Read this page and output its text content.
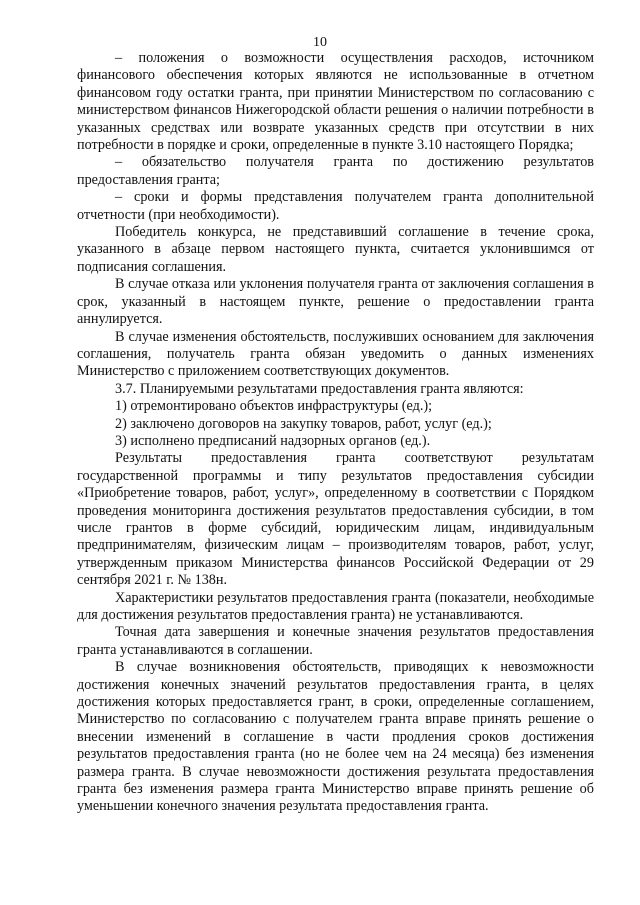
10

– положения о возможности осуществления расходов, источником финансового обеспечения которых являются не использованные в отчетном финансовом году остатки гранта, при принятии Министерством по согласованию с министерством финансов Нижегородской области решения о наличии потребности в указанных средствах или возврате указанных средств при отсутствии в них потребности в порядке и сроки, определенные в пункте 3.10 настоящего Порядка;

– обязательство получателя гранта по достижению результатов предоставления гранта;

– сроки и формы представления получателем гранта дополнительной отчетности (при необходимости).

Победитель конкурса, не представивший соглашение в течение срока, указанного в абзаце первом настоящего пункта, считается уклонившимся от подписания соглашения.

В случае отказа или уклонения получателя гранта от заключения соглашения в срок, указанный в настоящем пункте, решение о предоставлении гранта аннулируется.

В случае изменения обстоятельств, послуживших основанием для заключения соглашения, получатель гранта обязан уведомить о данных изменениях Министерство с приложением соответствующих документов.

3.7. Планируемыми результатами предоставления гранта являются:

1) отремонтировано объектов инфраструктуры (ед.);

2) заключено договоров на закупку товаров, работ, услуг (ед.);

3) исполнено предписаний надзорных органов (ед.).

Результаты предоставления гранта соответствуют результатам государственной программы и типу результатов предоставления субсидии «Приобретение товаров, работ, услуг», определенному в соответствии с Порядком проведения мониторинга достижения результатов предоставления субсидии, в том числе грантов в форме субсидий, юридическим лицам, индивидуальным предпринимателям, физическим лицам – производителям товаров, работ, услуг, утвержденным приказом Министерства финансов Российской Федерации от 29 сентября 2021 г. № 138н.

Характеристики результатов предоставления гранта (показатели, необходимые для достижения результатов предоставления гранта) не устанавливаются.

Точная дата завершения и конечные значения результатов предоставления гранта устанавливаются в соглашении.

В случае возникновения обстоятельств, приводящих к невозможности достижения конечных значений результатов предоставления гранта, в целях достижения которых предоставляется грант, в сроки, определенные соглашением, Министерство по согласованию с получателем гранта вправе принять решение о внесении изменений в соглашение в части продления сроков достижения результатов предоставления гранта (но не более чем на 24 месяца) без изменения размера гранта. В случае невозможности достижения результата предоставления гранта без изменения размера гранта Министерство вправе принять решение об уменьшении конечного значения результата предоставления гранта.
